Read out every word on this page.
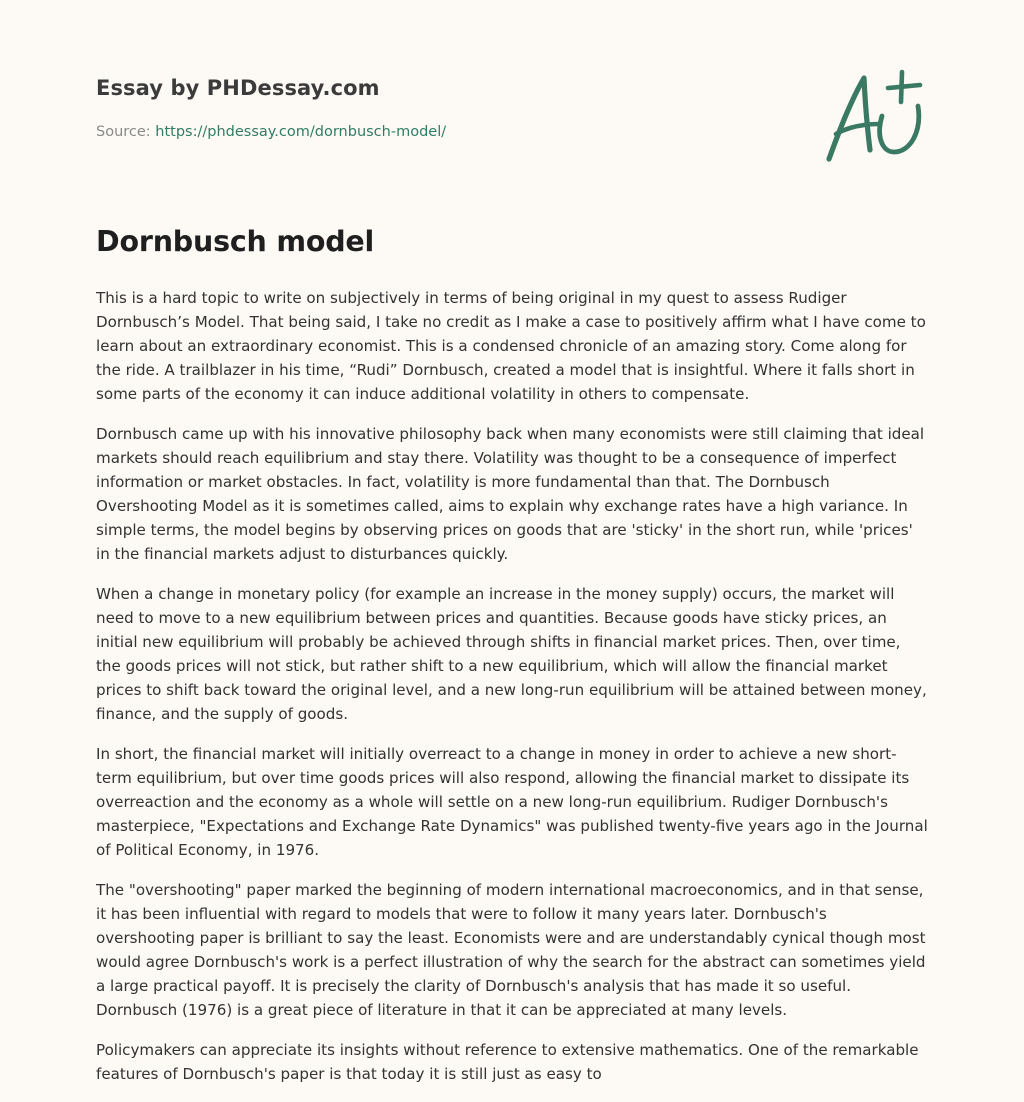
Essay by PHDessay.com
Source: https://phdessay.com/dornbusch-model/
Dornbusch model

This is a hard topic to write on subjectively in terms of being original in my quest to assess Rudiger Dornbusch’s Model. That being said, I take no credit as I make a case to positively affirm what I have come to learn about an extraordinary economist. This is a condensed chronicle of an amazing story. Come along for the ride. A trailblazer in his time, “Rudi” Dornbusch, created a model that is insightful. Where it falls short in some parts of the economy it can induce additional volatility in others to compensate.

Dornbusch came up with his innovative philosophy back when many economists were still claiming that ideal markets should reach equilibrium and stay there. Volatility was thought to be a consequence of imperfect information or market obstacles. In fact, volatility is more fundamental than that. The Dornbusch Overshooting Model as it is sometimes called, aims to explain why exchange rates have a high variance. In simple terms, the model begins by observing prices on goods that are 'sticky' in the short run, while 'prices' in the financial markets adjust to disturbances quickly.

When a change in monetary policy (for example an increase in the money supply) occurs, the market will need to move to a new equilibrium between prices and quantities. Because goods have sticky prices, an initial new equilibrium will probably be achieved through shifts in financial market prices. Then, over time, the goods prices will not stick, but rather shift to a new equilibrium, which will allow the financial market prices to shift back toward the original level, and a new long-run equilibrium will be attained between money, finance, and the supply of goods.

In short, the financial market will initially overreact to a change in money in order to achieve a new short-term equilibrium, but over time goods prices will also respond, allowing the financial market to dissipate its overreaction and the economy as a whole will settle on a new long-run equilibrium. Rudiger Dornbusch's masterpiece, "Expectations and Exchange Rate Dynamics" was published twenty-five years ago in the Journal of Political Economy, in 1976.

The "overshooting" paper marked the beginning of modern international macroeconomics, and in that sense, it has been influential with regard to models that were to follow it many years later. Dornbusch's overshooting paper is brilliant to say the least. Economists were and are understandably cynical though most would agree Dornbusch's work is a perfect illustration of why the search for the abstract can sometimes yield a large practical payoff. It is precisely the clarity of Dornbusch's analysis that has made it so useful. Dornbusch (1976) is a great piece of literature in that it can be appreciated at many levels.

Policymakers can appreciate its insights without reference to extensive mathematics. One of the remarkable features of Dornbusch's paper is that today it is still just as easy to
